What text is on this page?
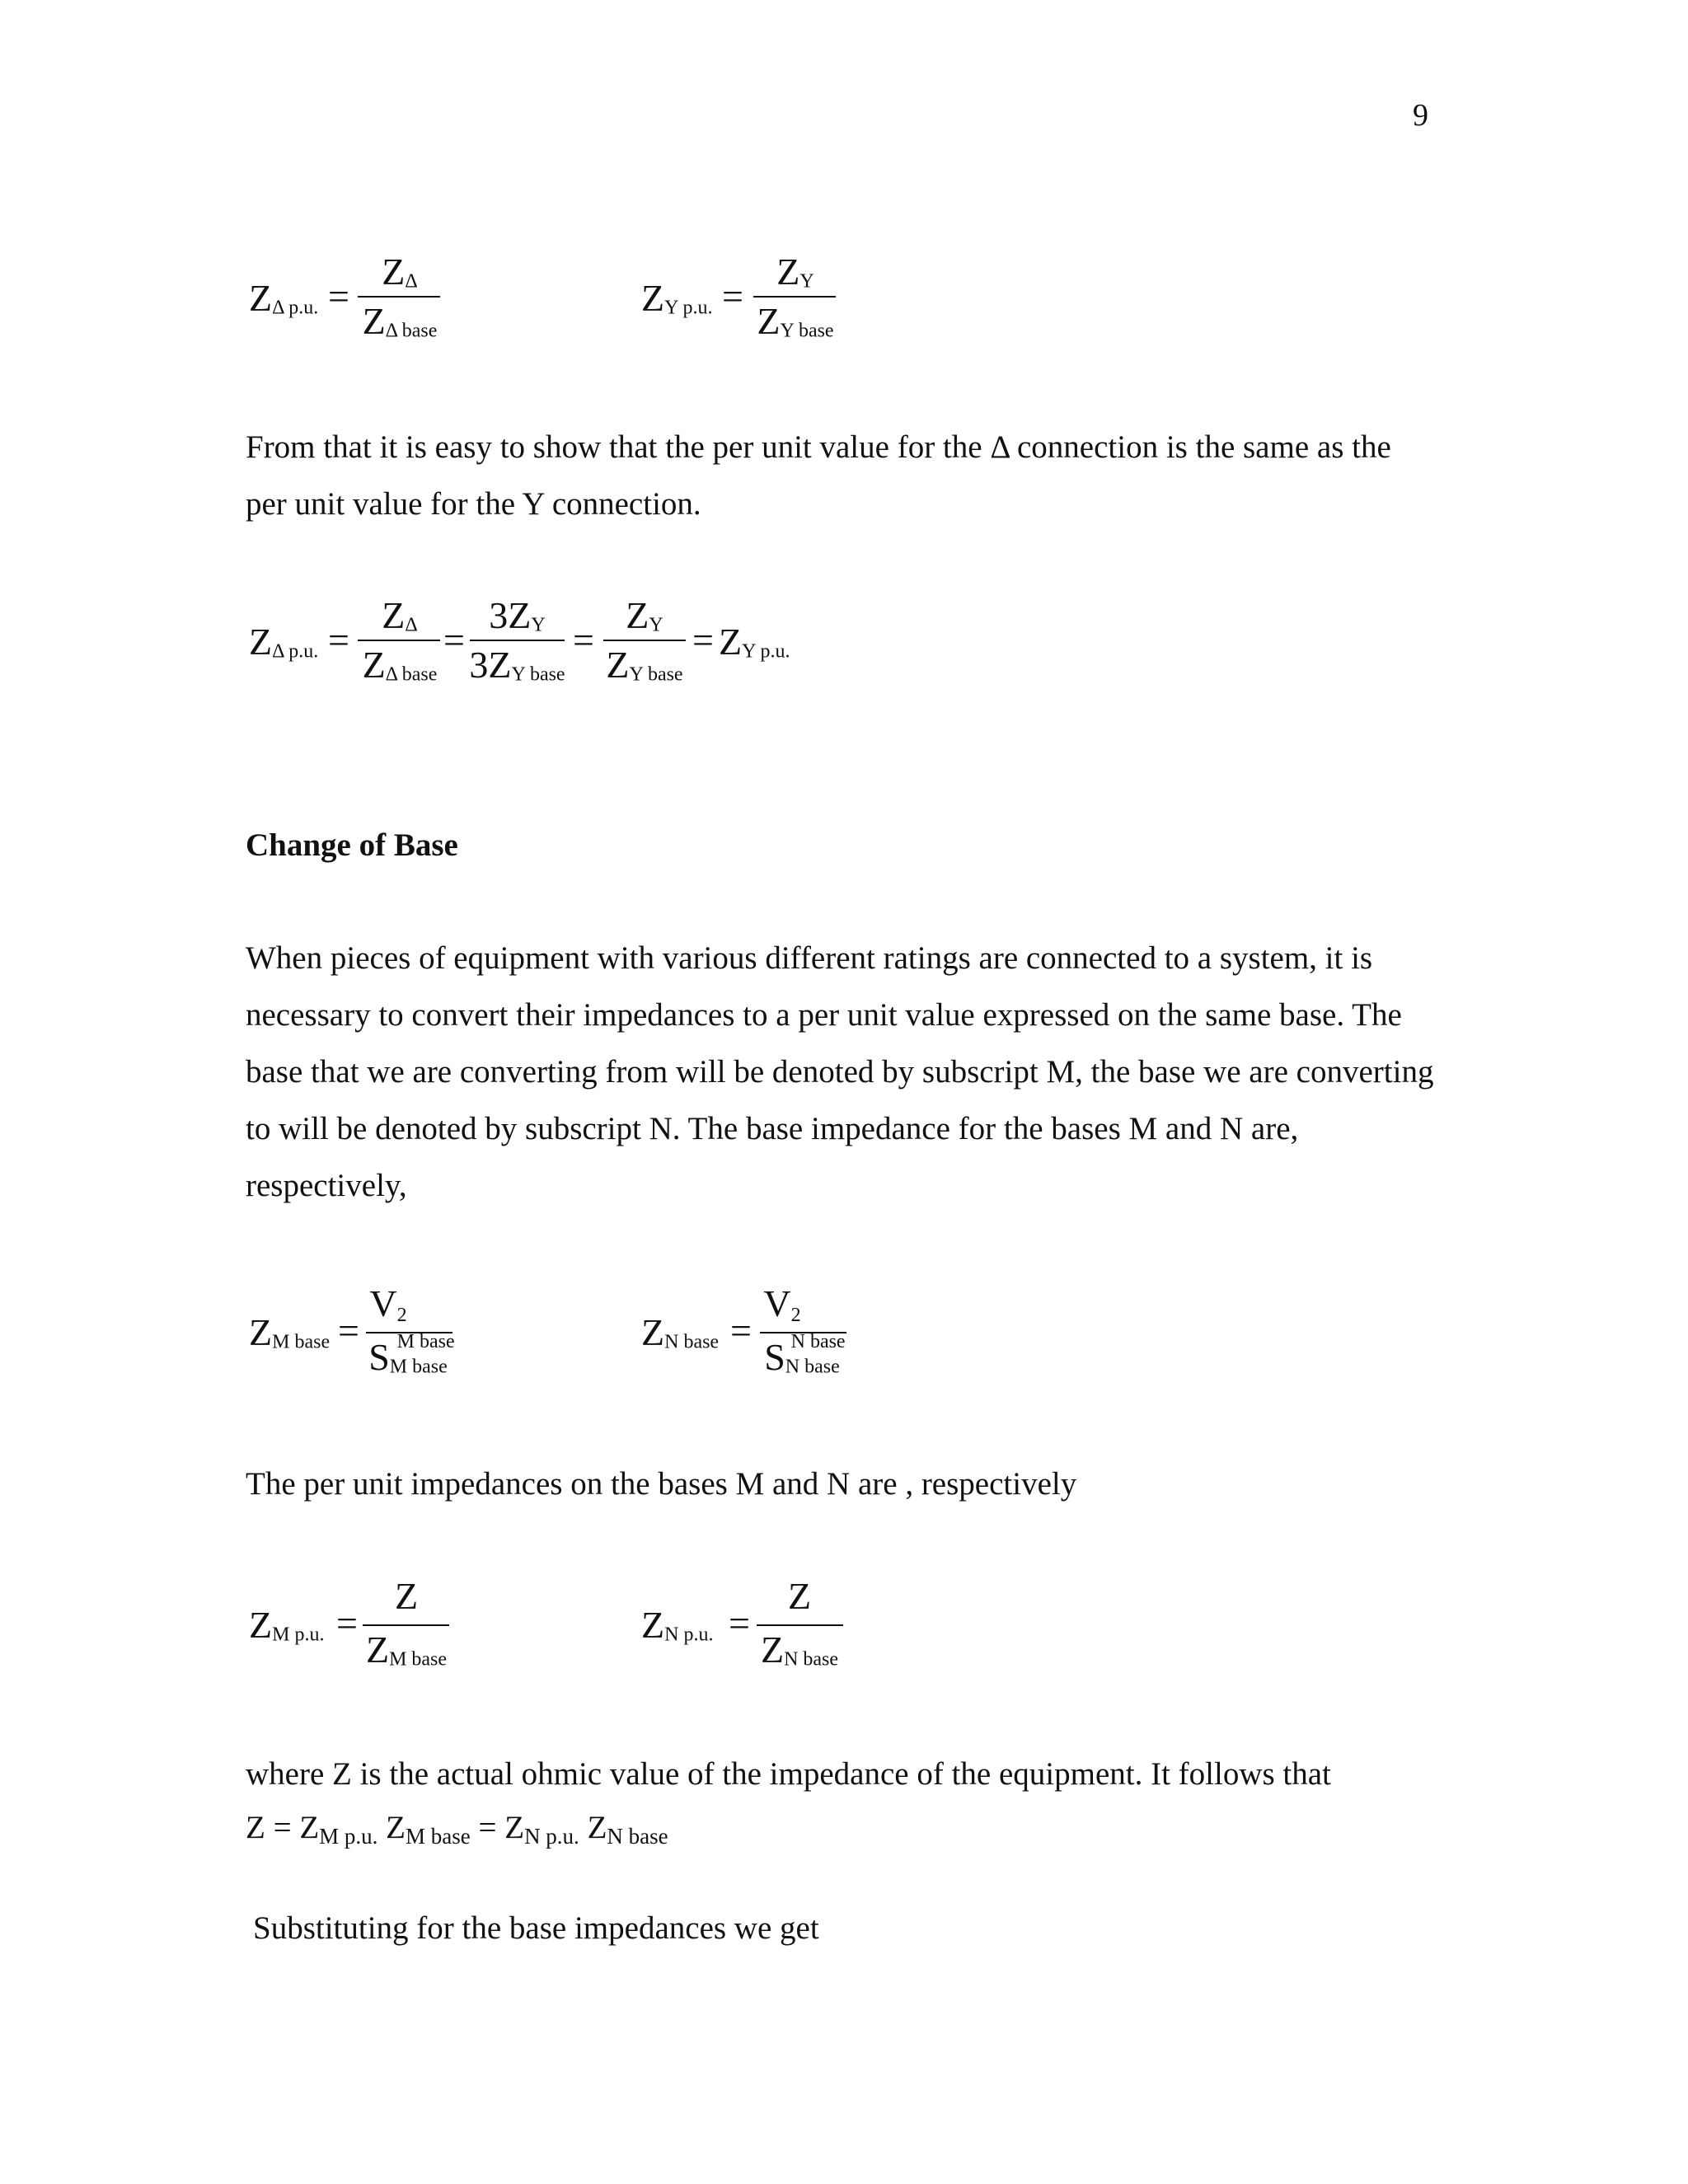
9
ZΔ p.u. =
ZΔ
ZΔ base
ZY p.u. =
ZY
ZY base
From that it is easy to show that the per unit value for the Δ connection is the same as the per unit value for the Y connection.
ZΔ p.u. =
ZΔ
ZΔ base
=
3ZY
3ZY base
=
ZY
ZY base
= ZY p.u.
Change of Base
When pieces of equipment with various different ratings are connected to a system, it is necessary to convert their impedances to a per unit value expressed on the same base. The base that we are converting from will be denoted by subscript M, the base we are converting to will be denoted by subscript N. The base impedance for the bases M and N are, respectively,
ZM base =
V 2
M base
SM base
ZN base =
V 2
N base
SN base
The per unit impedances on the bases M and N are , respectively
ZM p.u. =
Z
ZM base
ZN p.u. =
Z
ZN base
where Z is the actual ohmic value of the impedance of the equipment. It follows that
Z = ZM p.u. ZM base = ZN p.u. ZN base
Substituting for the base impedances we get
